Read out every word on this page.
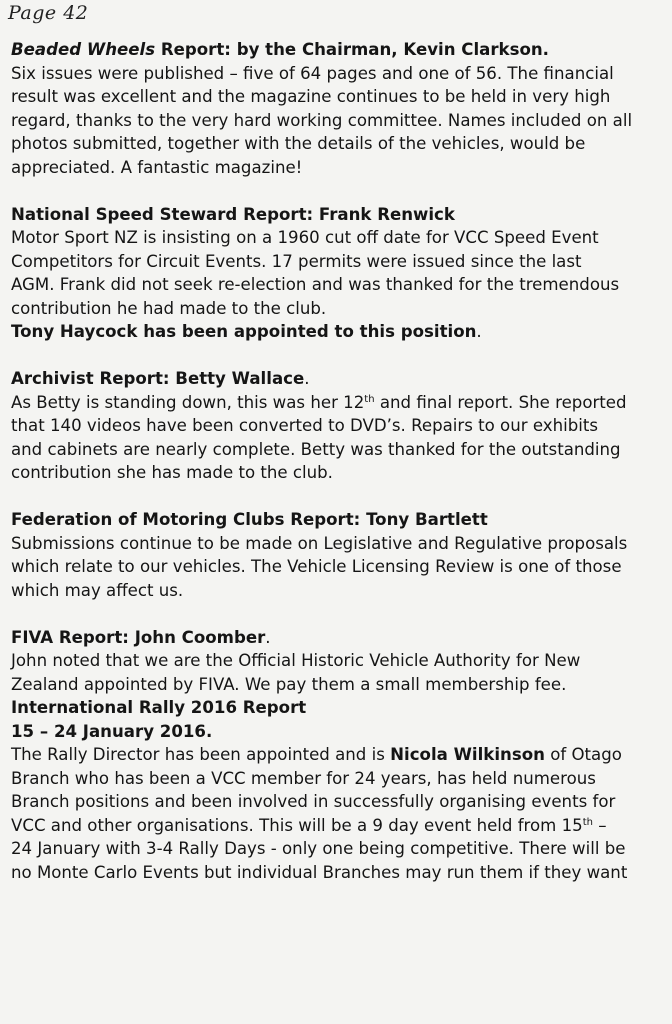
Page 42
Beaded Wheels Report: by the Chairman, Kevin Clarkson.
Six issues were published – five of 64 pages and one of 56. The financial
result was excellent and the magazine continues to be held in very high
regard, thanks to the very hard working committee. Names included on all
photos submitted, together with the details of the vehicles, would be
appreciated. A fantastic magazine!
National Speed Steward Report: Frank Renwick
Motor Sport NZ is insisting on a 1960 cut off date for VCC Speed Event
Competitors for Circuit Events. 17 permits were issued since the last
AGM. Frank did not seek re-election and was thanked for the tremendous
contribution he had made to the club.
Tony Haycock has been appointed to this position.
Archivist Report: Betty Wallace.
As Betty is standing down, this was her 12th and final report. She reported
that 140 videos have been converted to DVD’s. Repairs to our exhibits
and cabinets are nearly complete. Betty was thanked for the outstanding
contribution she has made to the club.
Federation of Motoring Clubs Report: Tony Bartlett
Submissions continue to be made on Legislative and Regulative proposals
which relate to our vehicles. The Vehicle Licensing Review is one of those
which may affect us.
FIVA Report: John Coomber.
John noted that we are the Official Historic Vehicle Authority for New
Zealand appointed by FIVA. We pay them a small membership fee.
International Rally 2016 Report
15 – 24 January 2016.
The Rally Director has been appointed and is Nicola Wilkinson of Otago
Branch who has been a VCC member for 24 years, has held numerous
Branch positions and been involved in successfully organising events for
VCC and other organisations. This will be a 9 day event held from 15th –
24 January with 3-4 Rally Days - only one being competitive. There will be
no Monte Carlo Events but individual Branches may run them if they want
